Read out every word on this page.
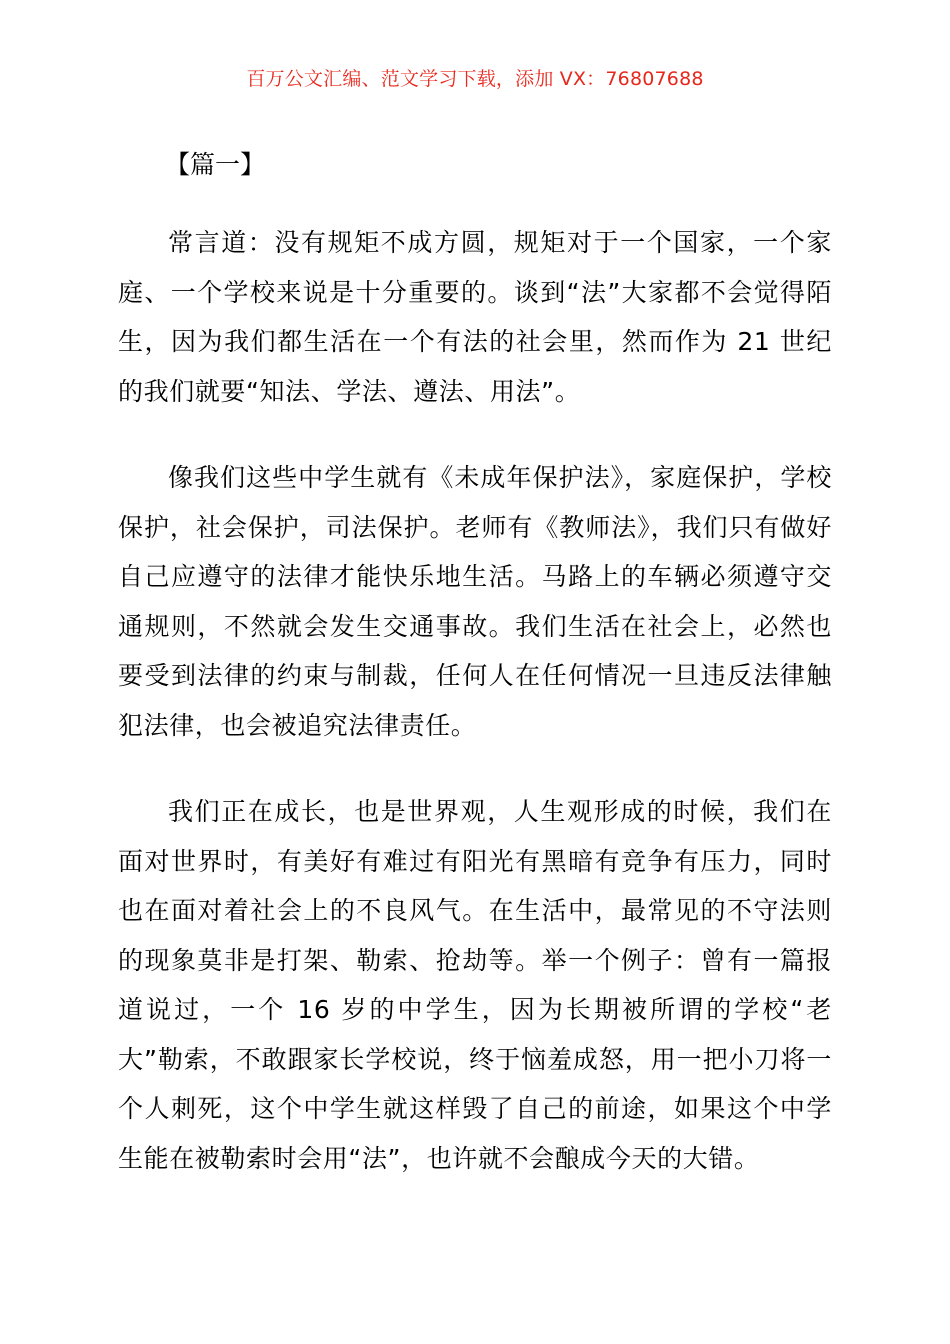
百万公文汇编、范文学习下载，添加 VX：76807688
【篇一】

常言道：没有规矩不成方圆，规矩对于一个国家，一个家庭、一个学校来说是十分重要的。谈到“法”大家都不会觉得陌生，因为我们都生活在一个有法的社会里，然而作为 21 世纪的我们就要“知法、学法、遵法、用法”。

像我们这些中学生就有《未成年保护法》，家庭保护，学校保护，社会保护，司法保护。老师有《教师法》，我们只有做好自己应遵守的法律才能快乐地生活。马路上的车辆必须遵守交通规则，不然就会发生交通事故。我们生活在社会上，必然也要受到法律的约束与制裁，任何人在任何情况一旦违反法律触犯法律，也会被追究法律责任。

我们正在成长，也是世界观，人生观形成的时候，我们在面对世界时，有美好有难过有阳光有黑暗有竞争有压力，同时也在面对着社会上的不良风气。在生活中，最常见的不守法则的现象莫非是打架、勒索、抢劫等。举一个例子：曾有一篇报道说过，一个 16 岁的中学生，因为长期被所谓的学校“老大”勒索，不敢跟家长学校说，终于恼羞成怒，用一把小刀将一个人刺死，这个中学生就这样毁了自己的前途，如果这个中学生能在被勒索时会用“法”，也许就不会酿成今天的大错。
